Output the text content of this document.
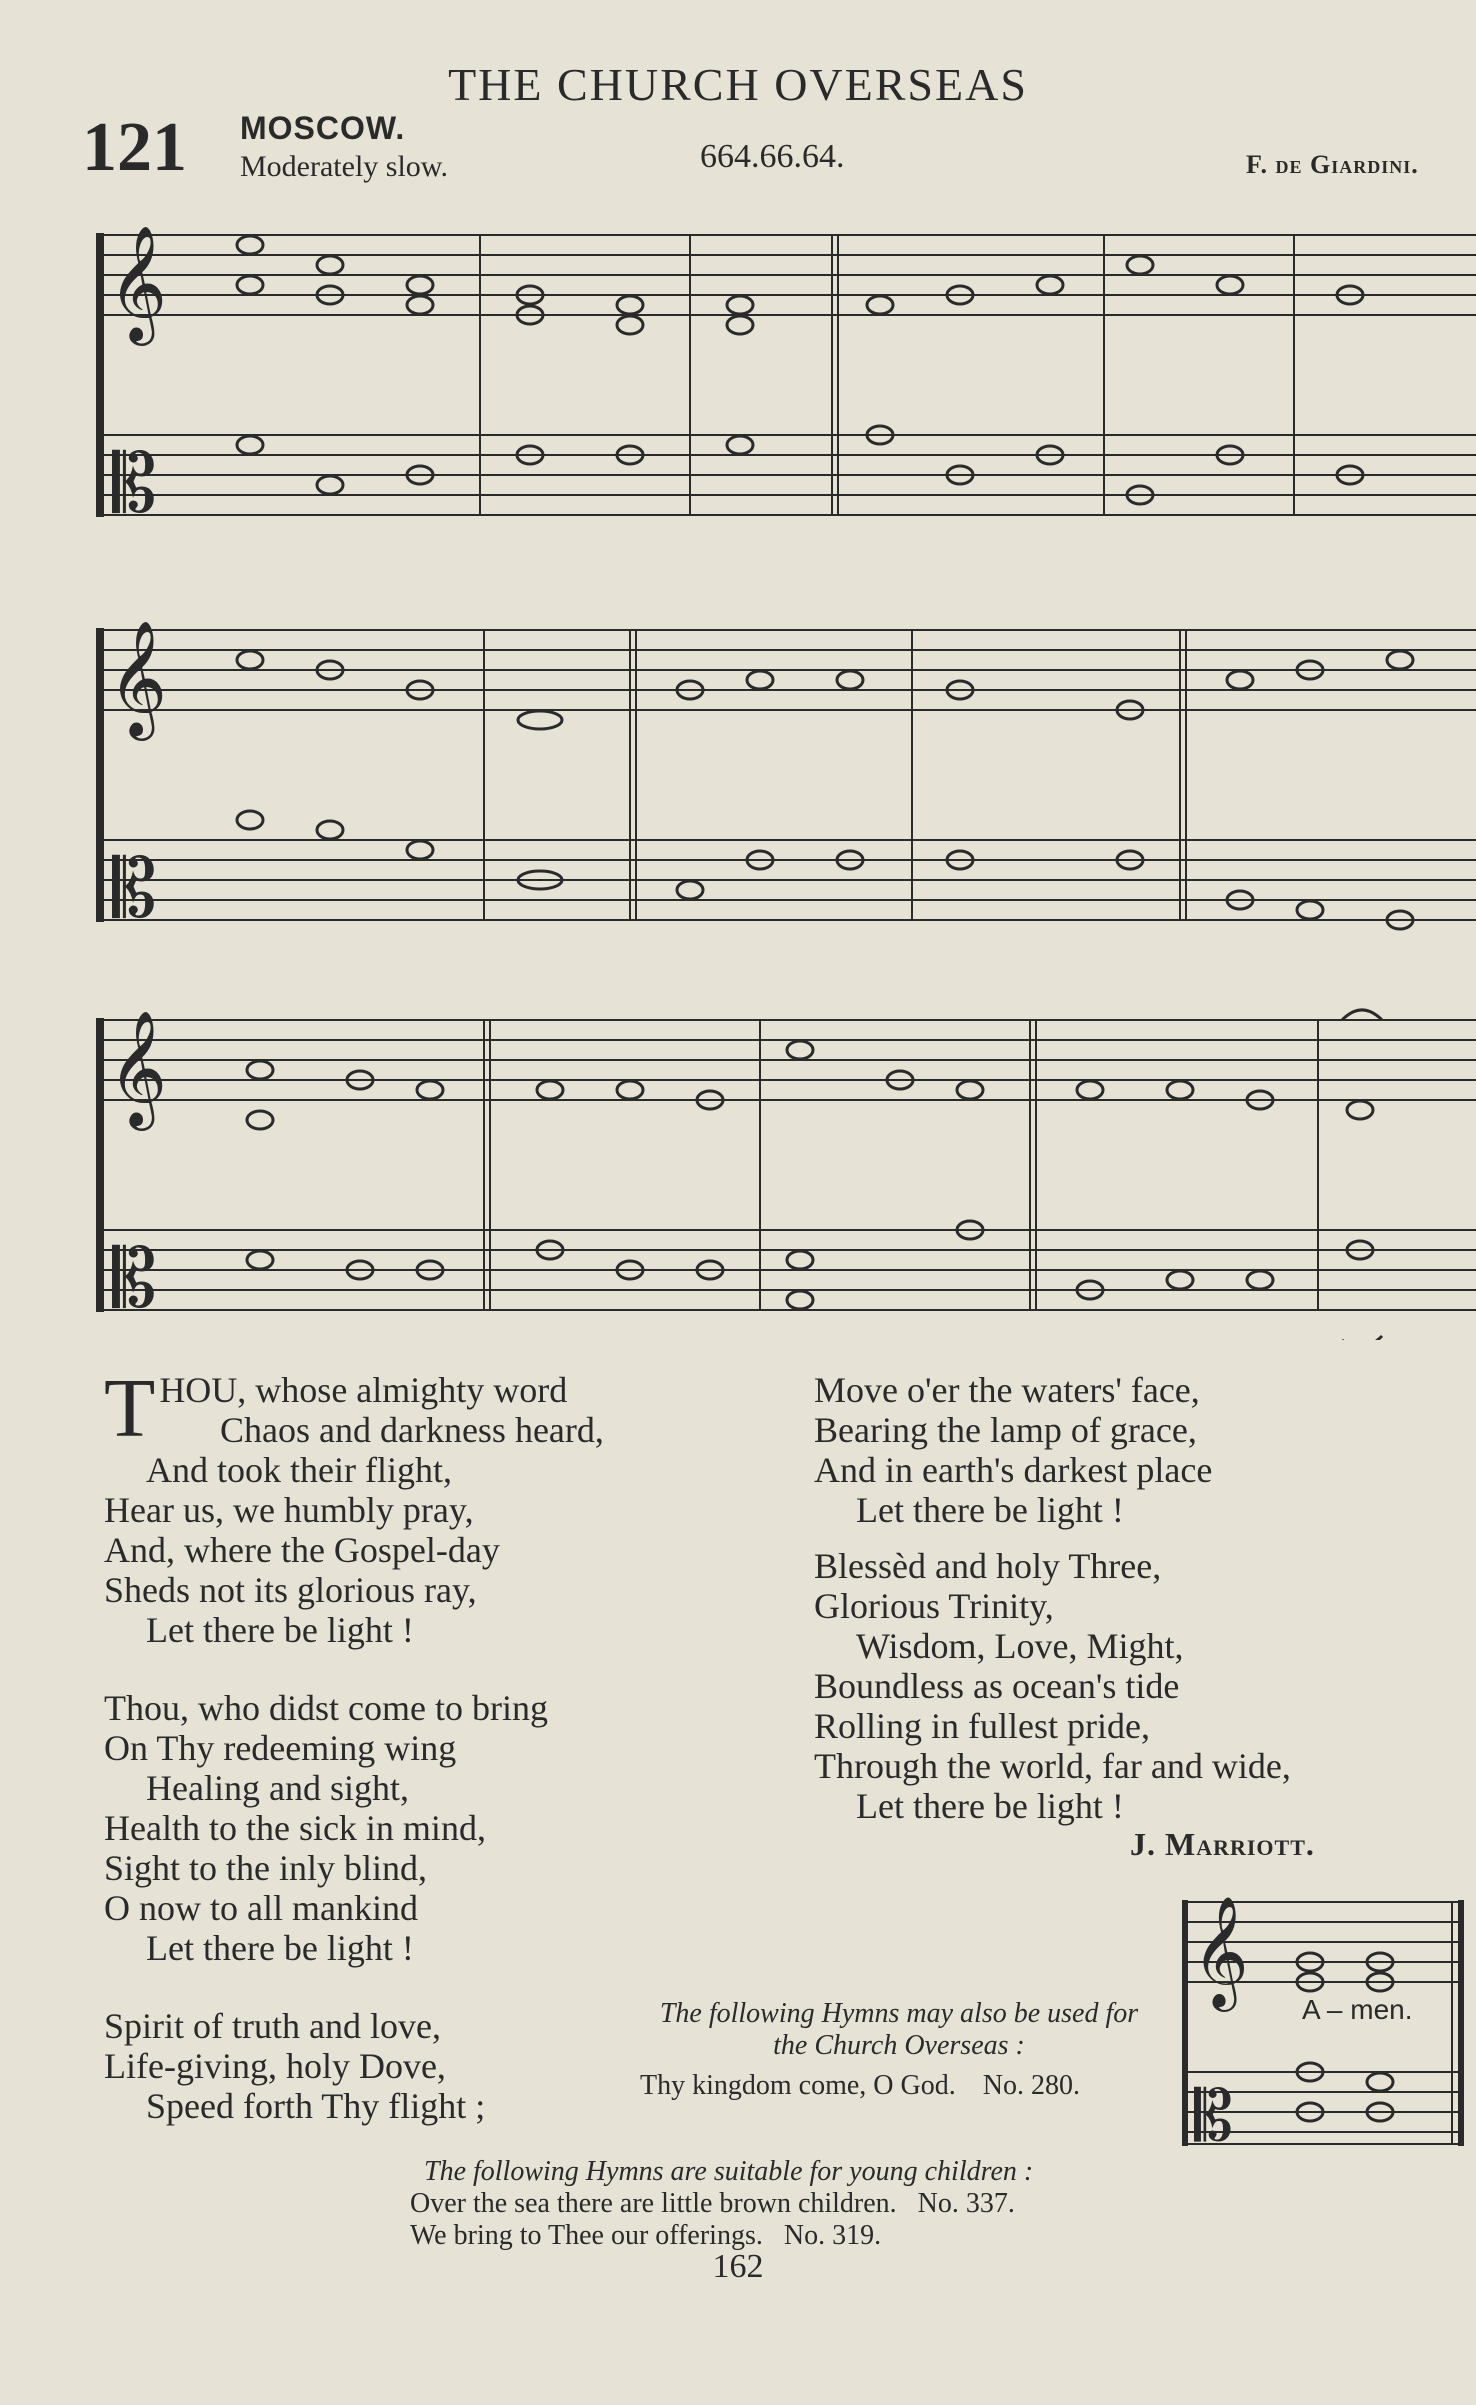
THE CHURCH OVERSEAS
121 MOSCOW.
Moderately slow.	664.66.64.	F. de Giardini.
𝄞
𝄡
𝄞
𝄡
𝄞
𝄡
T HOU, whose almighty word
Chaos and darkness heard,
And took their flight,
Hear us, we humbly pray,
And, where the Gospel-day
Sheds not its glorious ray,
Let there be light !
Thou, who didst come to bring
On Thy redeeming wing
Healing and sight,
Health to the sick in mind,
Sight to the inly blind,
O now to all mankind
Let there be light !
Spirit of truth and love,
Life-giving, holy Dove,
Speed forth Thy flight ;
Move o'er the waters' face,
Bearing the lamp of grace,
And in earth's darkest place
Let there be light !
Blessèd and holy Three,
Glorious Trinity,
Wisdom, Love, Might,
Boundless as ocean's tide
Rolling in fullest pride,
Through the world, far and wide,
Let there be light !
J. Marriott.
The following Hymns may also be used for the Church Overseas :
Thy kingdom come, O God. No. 280.
𝄞
𝄡
A – men.
The following Hymns are suitable for young children :
Over the sea there are little brown children.   No. 337.
We bring to Thee our offerings.   No. 319.
162
